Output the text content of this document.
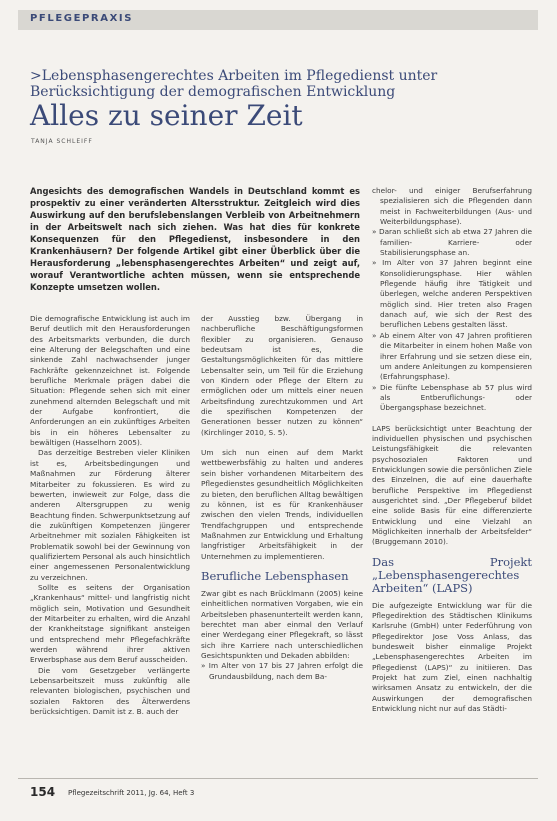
PFLEGEPRAXIS
>Lebensphasengerechtes Arbeiten im Pflegedienst unter Berücksichtigung der demografischen Entwicklung
Alles zu seiner Zeit
TANJA SCHLEIFF
Angesichts des demografischen Wandels in Deutschland kommt es prospektiv zu einer veränderten Altersstruktur. Zeitgleich wird dies Auswirkung auf den berufslebenslangen Verbleib von Arbeitnehmern in der Arbeitswelt nach sich ziehen. Was hat dies für konkrete Konsequenzen für den Pflegedienst, insbesondere in den Krankenhäusern? Der folgende Artikel gibt einer Überblick über die Herausforderung „lebensphasengerechtes Arbeiten“ und zeigt auf, worauf Verantwortliche achten müssen, wenn sie entsprechende Konzepte umsetzen wollen.

Die demografische Entwicklung ist auch im Beruf deutlich mit den Herausforderungen des Arbeitsmarkts verbunden, die durch eine Alterung der Belegschaften und eine sinkende Zahl nachwachsender junger Fachkräfte gekennzeichnet ist. Folgende berufliche Merkmale prägen dabei die Situation: Pflegende sehen sich mit einer zunehmend alternden Belegschaft und mit der Aufgabe konfrontiert, die Anforderungen an ein zukünftiges Arbeiten bis in ein höheres Lebensalter zu bewältigen (Hasselhorn 2005).

Das derzeitige Bestreben vieler Kliniken ist es, Arbeitsbedingungen und Maßnahmen zur Förderung älterer Mitarbeiter zu fokussieren. Es wird zu bewerten, inwieweit zur Folge, dass die anderen Altersgruppen zu wenig Beachtung finden. Schwerpunktsetzung auf die zukünftigen Kompetenzen jüngerer Arbeitnehmer mit sozialen Fähigkeiten ist Problematik sowohl bei der Gewinnung von qualifiziertem Personal als auch hinsichtlich einer angemessenen Personalentwicklung zu verzeichnen.

Sollte es seitens der Organisation „Krankenhaus“ mittel- und langfristig nicht möglich sein, Motivation und Gesundheit der Mitarbeiter zu erhalten, wird die Anzahl der Krankheitstage signifikant ansteigen und entsprechend mehr Pflegefachkräfte werden während ihrer aktiven Erwerbsphase aus dem Beruf ausscheiden.

Die vom Gesetzgeber verlängerte Lebensarbeitszeit muss zukünftig alle relevanten biologischen, psychischen und sozialen Faktoren des Älterwerdens berücksichtigen. Damit ist z. B. auch der

der Ausstieg bzw. Übergang in nachberufliche Beschäftigungsformen flexibler zu organisieren. Genauso bedeutsam ist es, die Gestaltungsmöglichkeiten für das mittlere Lebensalter sein, um Teil für die Erziehung von Kindern oder Pflege der Eltern zu ermöglichen oder um mittels einer neuen Arbeitsfindung zurechtzukommen und Art die spezifischen Kompetenzen der Generationen besser nutzen zu können“ (Kirchlinger 2010, S. 5).

Um sich nun einen auf dem Markt wettbewerbsfähig zu halten und anderes sein bisher vorhandenen Mitarbeitern des Pflegedienstes gesundheitlich Möglichkeiten zu bieten, den beruflichen Alltag bewältigen zu können, ist es für Krankenhäuser zwischen den vielen Trends, individuellen Trendfachgruppen und entsprechende Maßnahmen zur Entwicklung und Erhaltung langfristiger Arbeitsfähigkeit in der Unternehmen zu implementieren.

Berufliche Lebensphasen

Zwar gibt es nach Brücklmann (2005) keine einheitlichen normativen Vorgaben, wie ein Arbeitsleben phasenunterteilt werden kann, berechtet man aber einmal den Verlauf einer Werdegang einer Pflegekraft, so lässt sich ihre Karriere nach unterschiedlichen Gesichtspunkten und Dekaden abbilden:

» Im Alter von 17 bis 27 Jahren erfolgt die Grundausbildung, nach dem Ba-
chelor- und einiger Berufserfahrung spezialisieren sich die Pflegenden dann meist in Fachweiterbildungen (Aus- und Weiterbildungsphase).
» Daran schließt sich ab etwa 27 Jahren die familien- Karriere- oder Stabilisierungsphase an.
» Im Alter von 37 Jahren beginnt eine Konsolidierungsphase. Hier wählen Pflegende häufig ihre Tätigkeit und überlegen, welche anderen Perspektiven möglich sind. Hier treten also Fragen danach auf, wie sich der Rest des beruflichen Lebens gestalten lässt.
» Ab einem Alter von 47 Jahren profitieren die Mitarbeiter in einem hohen Maße von ihrer Erfahrung und sie setzen diese ein, um andere Anleitungen zu kompensieren (Erfahrungsphase).
» Die fünfte Lebensphase ab 57 plus wird als Entberuflichungs- oder Übergangsphase bezeichnet.

LAPS berücksichtigt unter Beachtung der individuellen physischen und psychischen Leistungsfähigkeit die relevanten psychosozialen Faktoren und Entwicklungen sowie die persönlichen Ziele des Einzelnen, die auf eine dauerhafte berufliche Perspektive im Pflegedienst ausgerichtet sind. „Der Pflegeberuf bildet eine solide Basis für eine differenzierte Entwicklung und eine Vielzahl an Möglichkeiten innerhalb der Arbeitsfelder“ (Bruggemann 2010).

Das Projekt „Lebensphasengerechtes Arbeiten“ (LAPS)

Die aufgezeigte Entwicklung war für die Pflegedirektion des Städtischen Klinikums Karlsruhe (GmbH) unter Federführung von Pflegedirektor Jose Voss Anlass, das bundesweit bisher einmalige Projekt „Lebensphasengerechtes Arbeiten im Pflegedienst (LAPS)“ zu initiieren. Das Projekt hat zum Ziel, einen nachhaltig wirksamen Ansatz zu entwickeln, der die Auswirkungen der demografischen Entwicklung nicht nur auf das Städti-

154 Pflegezeitschrift 2011, Jg. 64, Heft 3
